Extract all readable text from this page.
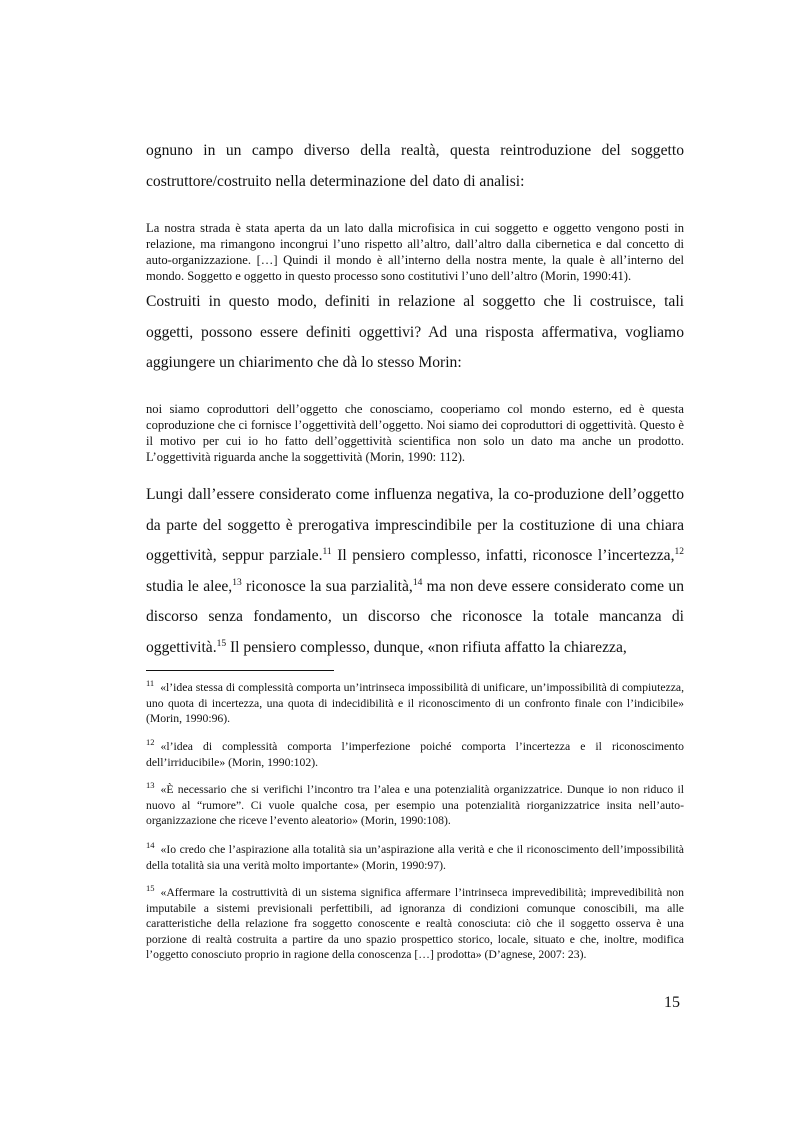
ognuno in un campo diverso della realtà, questa reintroduzione del soggetto costruttore/costruito nella determinazione del dato di analisi:

La nostra strada è stata aperta da un lato dalla microfisica in cui soggetto e oggetto vengono posti in relazione, ma rimangono incongrui l’uno rispetto all’altro, dall’altro dalla cibernetica e dal concetto di auto-organizzazione. […] Quindi il mondo è all’interno della nostra mente, la quale è all’interno del mondo. Soggetto e oggetto in questo processo sono costitutivi l’uno dell’altro (Morin, 1990:41).

Costruiti in questo modo, definiti in relazione al soggetto che li costruisce, tali oggetti, possono essere definiti oggettivi? Ad una risposta affermativa, vogliamo aggiungere un chiarimento che dà lo stesso Morin:

noi siamo coproduttori dell’oggetto che conosciamo, cooperiamo col mondo esterno, ed è questa coproduzione che ci fornisce l’oggettività dell’oggetto. Noi siamo dei coproduttori di oggettività. Questo è il motivo per cui io ho fatto dell’oggettività scientifica non solo un dato ma anche un prodotto. L’oggettività riguarda anche la soggettività (Morin, 1990: 112).

Lungi dall’essere considerato come influenza negativa, la co-produzione dell’oggetto da parte del soggetto è prerogativa imprescindibile per la costituzione di una chiara oggettività, seppur parziale.$^{11}$ Il pensiero complesso, infatti, riconosce l’incertezza,$^{12}$ studia le alee,$^{13}$ riconosce la sua parzialità,$^{14}$ ma non deve essere considerato come un discorso senza fondamento, un discorso che riconosce la totale mancanza di oggettività.$^{15}$ Il pensiero complesso, dunque, «non rifiuta affatto la chiarezza,

$^{11}$ «l’idea stessa di complessità comporta un’intrinseca impossibilità di unificare, un’impossibilità di compiutezza, uno quota di incertezza, una quota di indecidibilità e il riconoscimento di un confronto finale con l’indicibile» (Morin, 1990:96).

$^{12}$ «l’idea di complessità comporta l’imperfezione poiché comporta l’incertezza e il riconoscimento dell’irriducibile» (Morin, 1990:102).

$^{13}$ «È necessario che si verifichi l’incontro tra l’alea e una potenzialità organizzatrice. Dunque io non riduco il nuovo al “rumore”. Ci vuole qualche cosa, per esempio una potenzialità riorganizzatrice insita nell’auto-organizzazione che riceve l’evento aleatorio» (Morin, 1990:108).

$^{14}$ «Io credo che l’aspirazione alla totalità sia un’aspirazione alla verità e che il riconoscimento dell’impossibilità della totalità sia una verità molto importante» (Morin, 1990:97).

$^{15}$ «Affermare la costruttività di un sistema significa affermare l’intrinseca imprevedibilità; imprevedibilità non imputabile a sistemi previsionali perfettibili, ad ignoranza di condizioni comunque conoscibili, ma alle caratteristiche della relazione fra soggetto conoscente e realtà conosciuta: ciò che il soggetto osserva è una porzione di realtà costruita a partire da uno spazio prospettico storico, locale, situato e che, inoltre, modifica l’oggetto conosciuto proprio in ragione della conoscenza […] prodotta» (D’agnese, 2007: 23).

15
